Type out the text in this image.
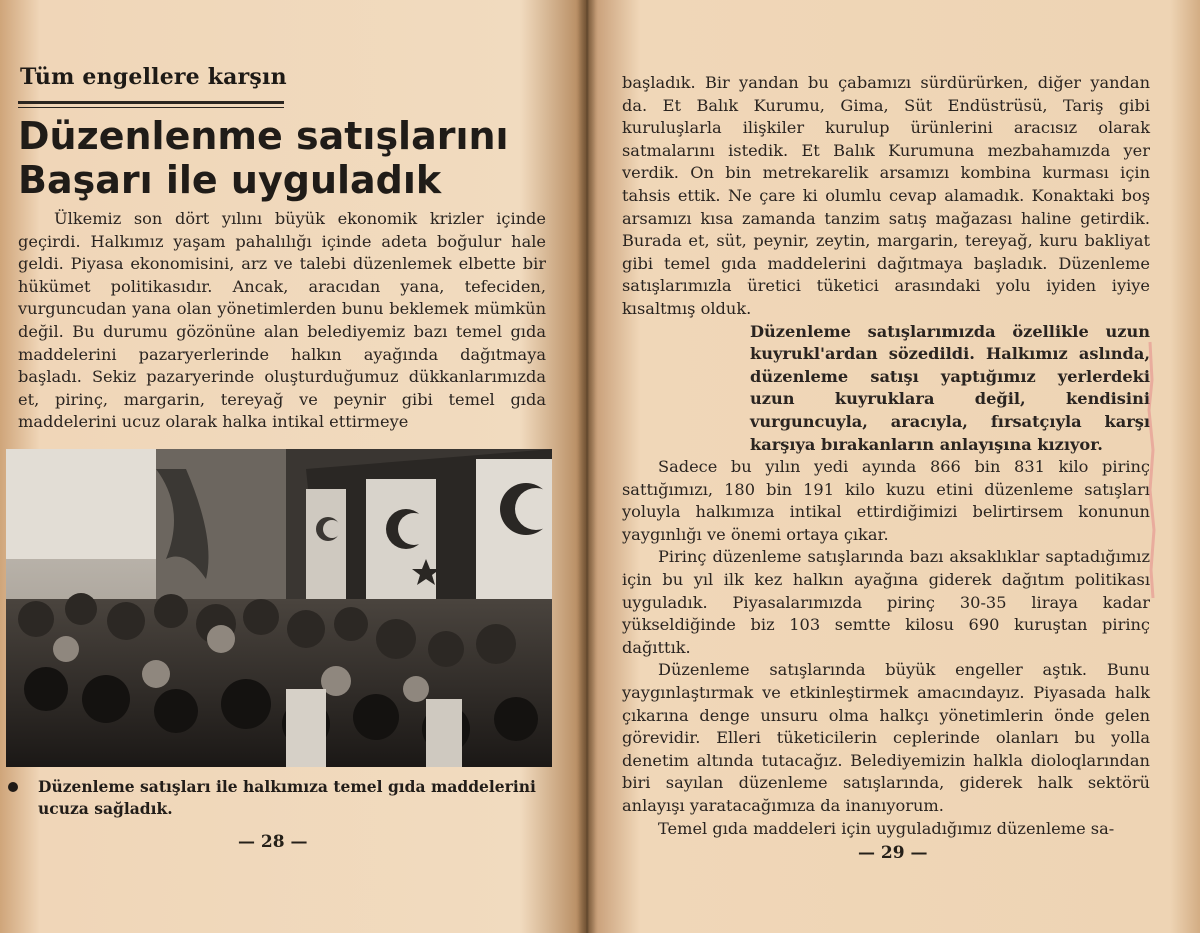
Tüm engellere karşın
Düzenlenme satışlarını
Başarı ile uyguladık

Ülkemiz son dört yılını büyük ekonomik krizler içinde geçirdi. Halkımız yaşam pahalılığı içinde adeta boğulur hale geldi. Piyasa ekonomisini, arz ve talebi düzenlemek elbette bir hükümet politikasıdır. Ancak, aracıdan yana, tefeciden, vurguncudan yana olan yönetimlerden bunu beklemek mümkün değil. Bu durumu gözönüne alan belediyemiz bazı temel gıda maddelerini pazaryerlerinde halkın ayağında dağıtmaya başladı. Sekiz pazaryerinde oluşturduğumuz dükkanlarımızda et, pirinç, margarin, tereyağ ve peynir gibi temel gıda maddelerini ucuz olarak halka intikal ettirmeye

Düzenleme satışları ile halkımıza temel gıda maddelerini ucuza sağladık.

— 28 —

başladık. Bir yandan bu çabamızı sürdürürken, diğer yandan da. Et Balık Kurumu, Gima, Süt Endüstrüsü, Tariş gibi kuruluşlarla ilişkiler kurulup ürünlerini aracısız olarak satmalarını istedik. Et Balık Kurumuna mezbahamızda yer verdik. On bin metrekarelik arsamızı kombina kurması için tahsis ettik. Ne çare ki olumlu cevap alamadık. Konaktaki boş arsamızı kısa zamanda tanzim satış mağazası haline getirdik. Burada et, süt, peynir, zeytin, margarin, tereyağ, kuru bakliyat gibi temel gıda maddelerini dağıtmaya başladık. Düzenleme satışlarımızla üretici tüketici arasındaki yolu iyiden iyiye kısaltmış olduk.

Düzenleme satışlarımızda özellikle uzun kuyrukl'ardan sözedildi. Halkımız aslında, düzenleme satışı yaptığımız yerlerdeki uzun kuyruklara değil, kendisini vurguncuyla, aracıyla, fırsatçıyla karşı karşıya bırakanların anlayışına kızıyor.

Sadece bu yılın yedi ayında 866 bin 831 kilo pirinç sattığımızı, 180 bin 191 kilo kuzu etini düzenleme satışları yoluyla halkımıza intikal ettirdiğimizi belirtirsem konunun yaygınlığı ve önemi ortaya çıkar.

Pirinç düzenleme satışlarında bazı aksaklıklar saptadığımız için bu yıl ilk kez halkın ayağına giderek dağıtım politikası uyguladık. Piyasalarımızda pirinç 30-35 liraya kadar yükseldiğinde biz 103 semtte kilosu 690 kuruştan pirinç dağıttık.

Düzenleme satışlarında büyük engeller aştık. Bunu yaygınlaştırmak ve etkinleştirmek amacındayız. Piyasada halk çıkarına denge unsuru olma halkçı yönetimlerin önde gelen görevidir. Elleri tüketicilerin ceplerinde olanları bu yolla denetim altında tutacağız. Belediyemizin halkla dioloqlarından biri sayılan düzenleme satışlarında, giderek halk sektörü anlayışı yaratacağımıza da inanıyorum.

Temel gıda maddeleri için uyguladığımız düzenleme sa-

— 29 —
